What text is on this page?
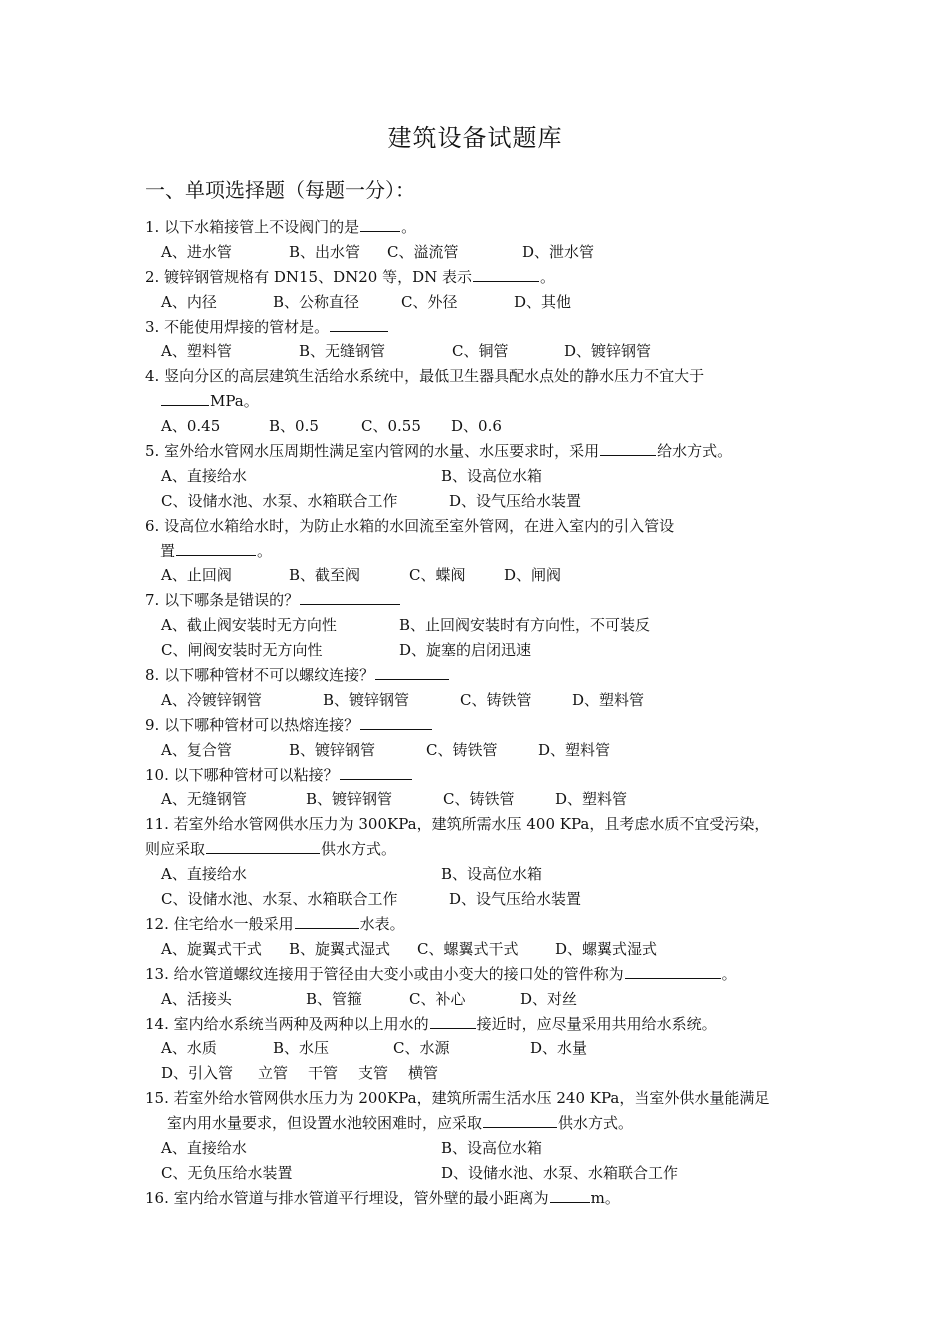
建筑设备试题库
一、单项选择题（每题一分）：
1. 以下水箱接管上不设阀门的是	。
A、进水管	B、出水管 C、溢流管	D、泄水管
2. 镀锌钢管规格有 DN15、DN20 等，DN 表示	。
A、内径	B、公称直径	C、外径	D、其他
3. 不能使用焊接的管材是。
A、塑料管	B、无缝钢管	C、铜管	D、镀锌钢管
4. 竖向分区的高层建筑生活给水系统中，最低卫生器具配水点处的静水压力不宜大于
MPa。
A、0.45	B、0.5	C、0.55 D、0.6
5. 室外给水管网水压周期性满足室内管网的水量、水压要求时，采用	给水方式。
A、直接给水	B、设高位水箱
C、设储水池、水泵、水箱联合工作	D、设气压给水装置
6. 设高位水箱给水时，为防止水箱的水回流至室外管网，在进入室内的引入管设
置	。
A、止回阀	B、截至阀	C、蝶阀	D、闸阀
7. 以下哪条是错误的？
A、截止阀安装时无方向性	B、止回阀安装时有方向性，不可装反
C、闸阀安装时无方向性	D、旋塞的启闭迅速
8. 以下哪种管材不可以螺纹连接？
A、冷镀锌钢管	B、镀锌钢管	C、铸铁管	D、塑料管
9. 以下哪种管材可以热熔连接？
A、复合管	B、镀锌钢管	C、铸铁管	D、塑料管
10. 以下哪种管材可以粘接？
A、无缝钢管	B、镀锌钢管	C、铸铁管	D、塑料管
11. 若室外给水管网供水压力为 300KPa，建筑所需水压 400 KPa，且考虑水质不宜受污染，
则应采取	供水方式。
A、直接给水	B、设高位水箱
C、设储水池、水泵、水箱联合工作	D、设气压给水装置
12. 住宅给水一般采用	水表。
A、旋翼式干式 B、旋翼式湿式 C、螺翼式干式 D、螺翼式湿式
13. 给水管道螺纹连接用于管径由大变小或由小变大的接口处的管件称为	。
A、活接头	B、管箍	C、补心	D、对丝
14. 室内给水系统当两种及两种以上用水的	接近时，应尽量采用共用给水系统。
A、水质	B、水压	C、水源	D、水量
D、引入管 立管 干管 支管 横管
15. 若室外给水管网供水压力为 200KPa，建筑所需生活水压 240 KPa，当室外供水量能满足
室内用水量要求，但设置水池较困难时，应采取	供水方式。
A、直接给水	B、设高位水箱
C、无负压给水装置	D、设储水池、水泵、水箱联合工作
16. 室内给水管道与排水管道平行埋设，管外壁的最小距离为	m。
